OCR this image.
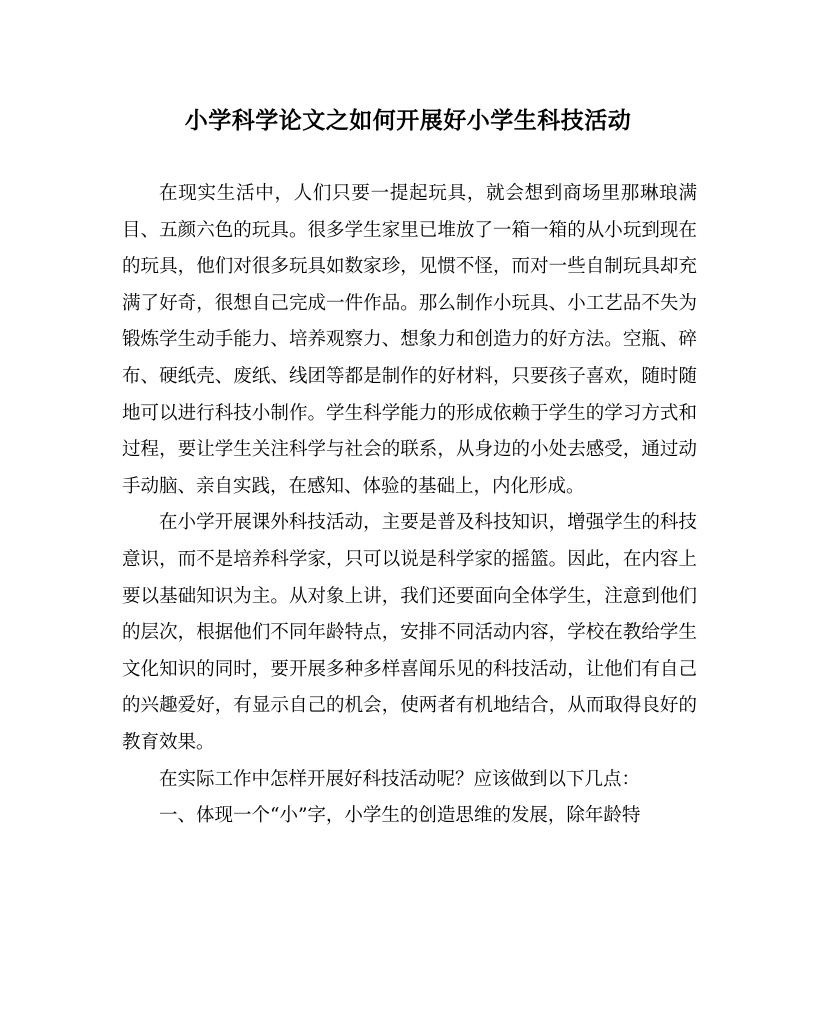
小学科学论文之如何开展好小学生科技活动

在现实生活中，人们只要一提起玩具，就会想到商场里那琳琅满目、五颜六色的玩具。很多学生家里已堆放了一箱一箱的从小玩到现在的玩具，他们对很多玩具如数家珍，见惯不怪，而对一些自制玩具却充满了好奇，很想自己完成一件作品。那么制作小玩具、小工艺品不失为锻炼学生动手能力、培养观察力、想象力和创造力的好方法。空瓶、碎布、硬纸壳、废纸、线团等都是制作的好材料，只要孩子喜欢，随时随地可以进行科技小制作。学生科学能力的形成依赖于学生的学习方式和过程，要让学生关注科学与社会的联系，从身边的小处去感受，通过动手动脑、亲自实践，在感知、体验的基础上，内化形成。

在小学开展课外科技活动，主要是普及科技知识，增强学生的科技意识，而不是培养科学家，只可以说是科学家的摇篮。因此，在内容上要以基础知识为主。从对象上讲，我们还要面向全体学生，注意到他们的层次，根据他们不同年龄特点，安排不同活动内容，学校在教给学生文化知识的同时，要开展多种多样喜闻乐见的科技活动，让他们有自己的兴趣爱好，有显示自己的机会，使两者有机地结合，从而取得良好的教育效果。

在实际工作中怎样开展好科技活动呢？应该做到以下几点：

一、体现一个“小”字，小学生的创造思维的发展，除年龄特
